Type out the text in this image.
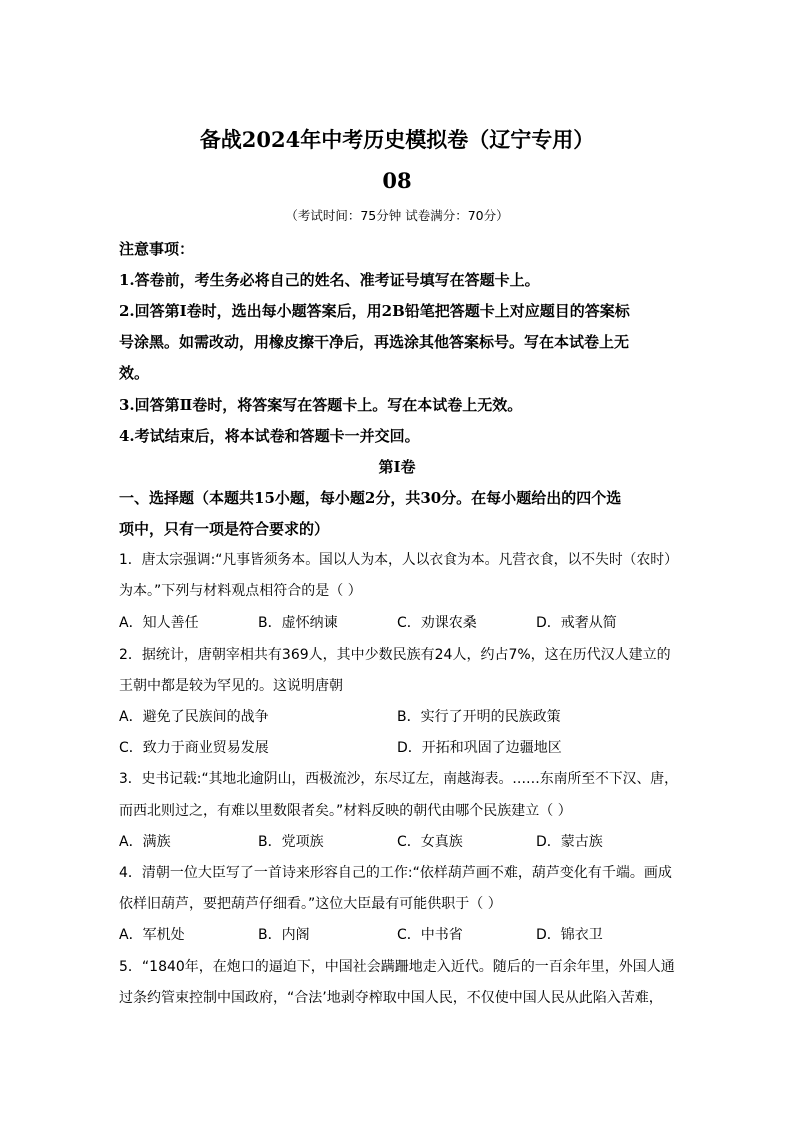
备战2024年中考历史模拟卷（辽宁专用）
08
（考试时间：75分钟 试卷满分：70分）
注意事项：
1.答卷前，考生务必将自己的姓名、准考证号填写在答题卡上。
2.回答第Ⅰ卷时，选出每小题答案后，用2B铅笔把答题卡上对应题目的答案标
号涂黑。如需改动，用橡皮擦干净后，再选涂其他答案标号。写在本试卷上无
效。
3.回答第Ⅱ卷时，将答案写在答题卡上。写在本试卷上无效。
4.考试结束后，将本试卷和答题卡一并交回。
第Ⅰ卷
一、选择题（本题共15小题，每小题2分，共30分。在每小题给出的四个选
项中，只有一项是符合要求的）
1．唐太宗强调:“凡事皆须务本。国以人为本，人以衣食为本。凡营衣食，以不失时（农时）
为本。”下列与材料观点相符合的是（ ）
A．知人善任	B．虚怀纳谏	C．劝课农桑	D．戒奢从简
2．据统计，唐朝宰相共有369人，其中少数民族有24人，约占7%，这在历代汉人建立的
王朝中都是较为罕见的。这说明唐朝
A．避免了民族间的战争	B．实行了开明的民族政策
C．致力于商业贸易发展	D．开拓和巩固了边疆地区
3．史书记载:“其地北逾阴山，西极流沙，东尽辽左，南越海表。……东南所至不下汉、唐，
而西北则过之，有难以里数限者矣。”材料反映的朝代由哪个民族建立（ ）
A．满族	B．党项族	C．女真族	D．蒙古族
4．清朝一位大臣写了一首诗来形容自己的工作:“依样葫芦画不难，葫芦变化有千端。画成
依样旧葫芦，要把葫芦仔细看。”这位大臣最有可能供职于（ ）
A．军机处	B．内阁	C．中书省	D．锦衣卫
5．“1840年，在炮口的逼迫下，中国社会蹒跚地走入近代。随后的一百余年里，外国人通
过条约管束控制中国政府，“合法’地剥夺榨取中国人民，不仅使中国人民从此陷入苦难，
